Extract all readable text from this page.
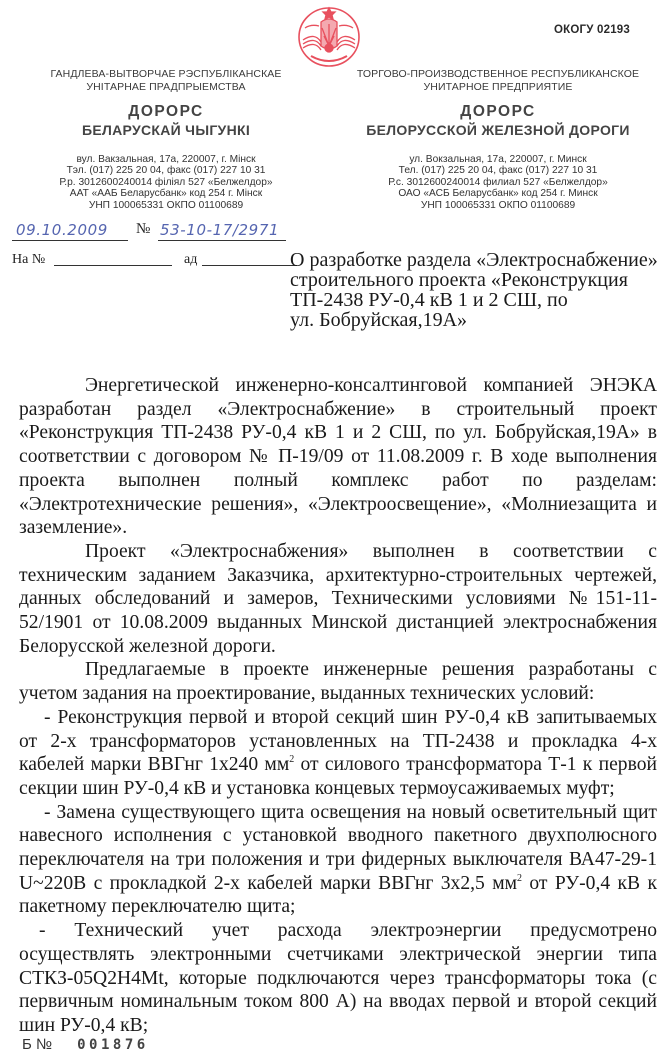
ОКОГУ 02193
ГАНДЛЕВА-ВЫТВОРЧАЕ РЭСПУБЛІКАНСКАЕ
УНІТАРНАЕ ПРАДПРЫЕМСТВА
ДОРОРС
БЕЛАРУСКАЙ ЧЫГУНКІ
вул. Вакзальная, 17а, 220007, г. Мінск
Тэл. (017) 225 20 04, факс (017) 227 10 31
Р.р. 3012600240014 філіял 527 «Белжелдор»
ААТ «ААБ Беларусбанк» код 254 г. Мінск
УНП 100065331 ОКПО 01100689
ТОРГОВО-ПРОИЗВОДСТВЕННОЕ РЕСПУБЛИКАНСКОЕ
УНИТАРНОЕ ПРЕДПРИЯТИЕ
ДОРОРС
БЕЛОРУССКОЙ ЖЕЛЕЗНОЙ ДОРОГИ
ул. Вокзальная, 17а, 220007, г. Минск
Тел. (017) 225 20 04, факс (017) 227 10 31
Р.с. 3012600240014 филиал 527 «Белжелдор»
ОАО «АСБ Беларусбанк» код 254 г. Минск
УНП 100065331 ОКПО 01100689
09.10.2009 № 53-10-17/2971
На №	ад	О разработке раздела «Электроснабжение»
строительного проекта «Реконструкция
ТП-2438 РУ-0,4 кВ 1 и 2 СШ, по
ул. Бобруйская,19А»

Энергетической инженерно-консалтинговой компанией ЭНЭКА разработан раздел «Электроснабжение» в строительный проект «Реконструкция ТП-2438 РУ-0,4 кВ 1 и 2 СШ, по ул. Бобруйская,19А» в соответствии с договором № П-19/09 от 11.08.2009 г. В ходе выполнения проекта выполнен полный комплекс работ по разделам: «Электротехнические решения», «Электроосвещение», «Молниезащита и заземление».

Проект «Электроснабжения» выполнен в соответствии с техническим заданием Заказчика, архитектурно-строительных чертежей, данных обследований и замеров, Техническими условиями №151-11-52/1901 от 10.08.2009 выданных Минской дистанцией электроснабжения Белорусской железной дороги.

Предлагаемые в проекте инженерные решения разработаны с учетом задания на проектирование, выданных технических условий:

- Реконструкция первой и второй секций шин РУ-0,4 кВ запитываемых от 2-х трансформаторов установленных на ТП-2438 и прокладка 4-х кабелей марки ВВГнг 1х240 $мм^2$ от силового трансформатора Т-1 к первой секции шин РУ-0,4 кВ и установка концевых термоусаживаемых муфт;

- Замена существующего щита освещения на новый осветительный щит навесного исполнения с установкой вводного пакетного двухполюсного переключателя на три положения и три фидерных выключателя ВА47-29-1 U~220В с прокладкой 2-х кабелей марки ВВГнг 3х2,5 $мм^2$ от РУ-0,4 кВ к пакетному переключателю щита;

- Технический учет расхода электроэнергии предусмотрено осуществлять электронными счетчиками электрической энергии типа СТКЗ-05Q2H4Mt, которые подключаются через трансформаторы тока (с первичным номинальным током 800 А) на вводах первой и второй секций шин РУ-0,4 кВ;

Б № 001876
